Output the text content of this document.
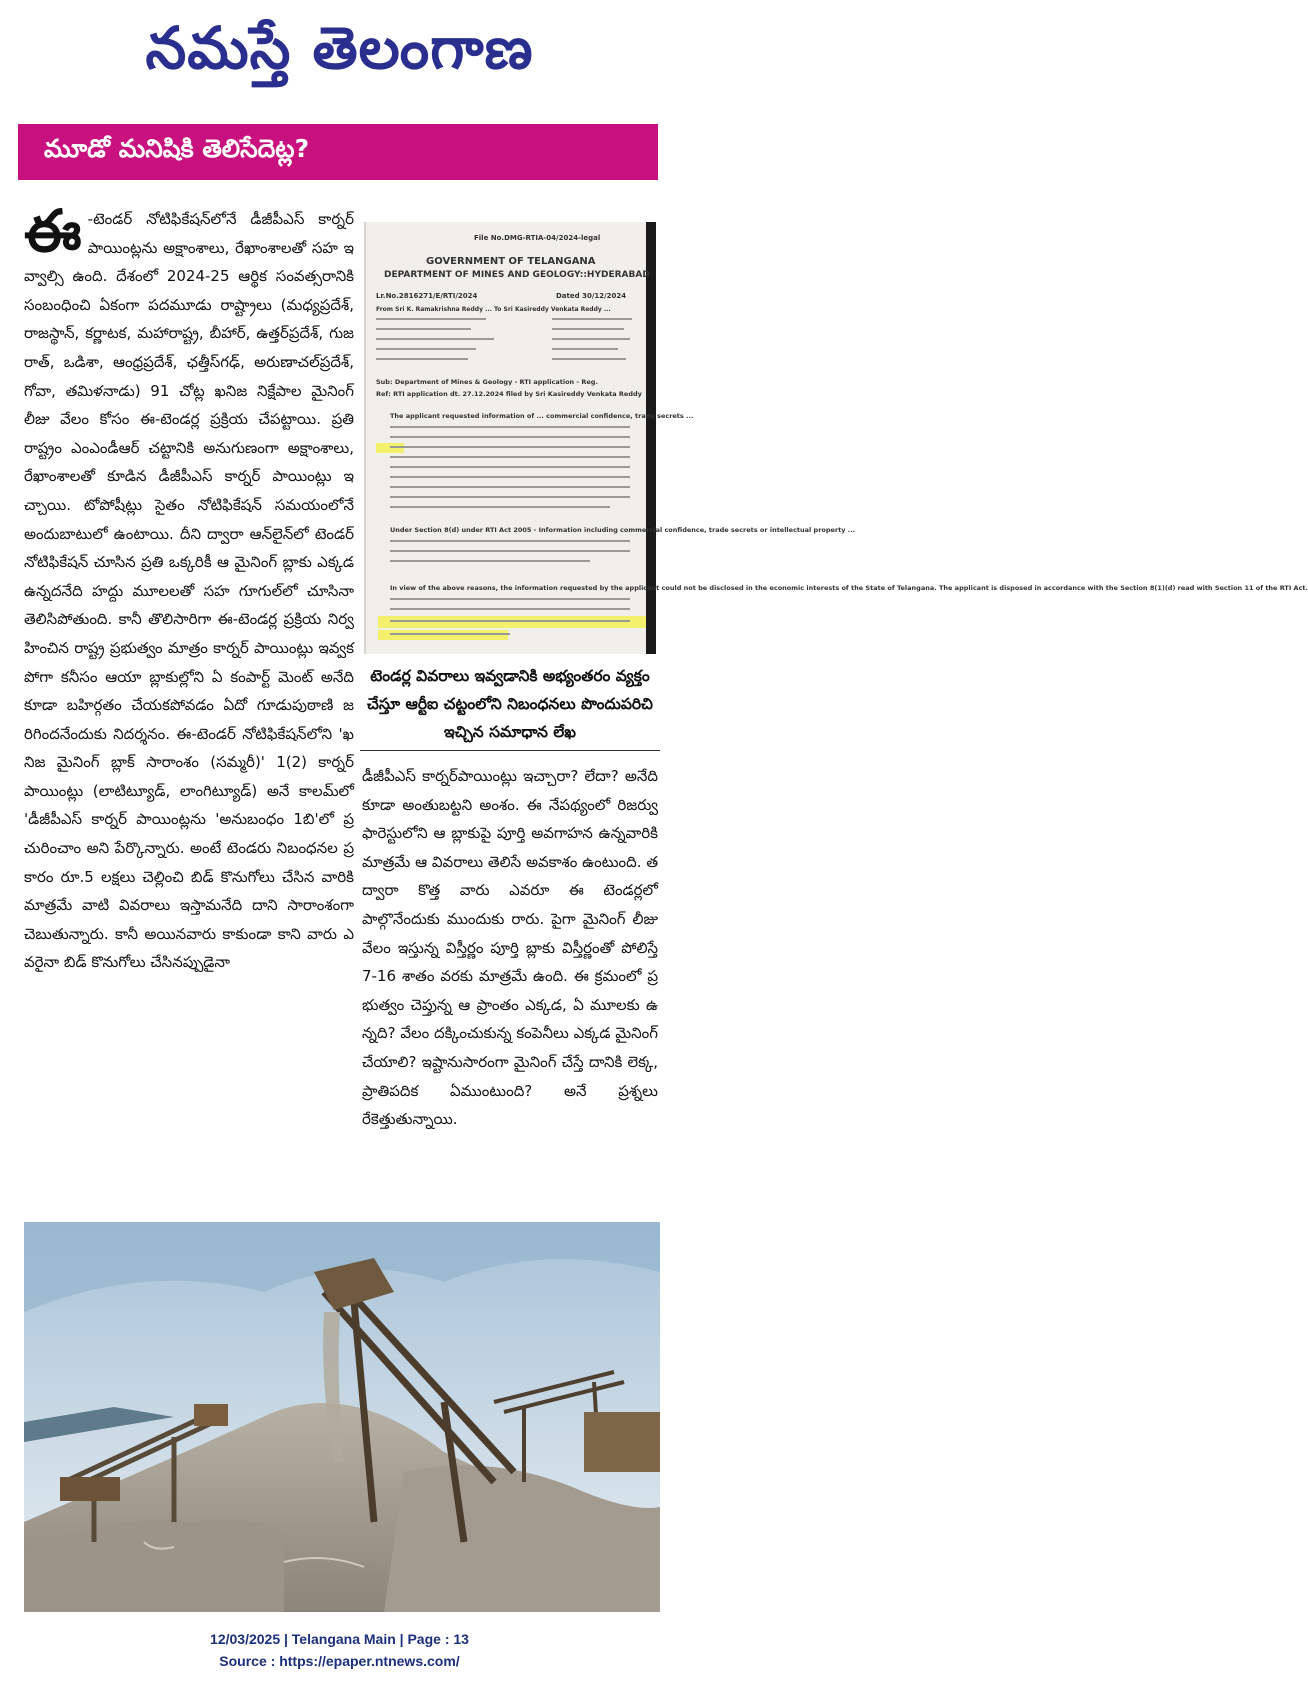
నమస్తే తెలంగాణ
మూడో మనిషికి తెలిసేదెట్ల?

ఈ -టెండర్ నోటిఫికేషన్‌లోనే డీజీపీఎస్ కార్నర్ పాయింట్లను అక్షాంశాలు, రేఖాంశాలతో సహ ఇవ్వాల్సి ఉంది. దేశంలో 2024-25 ఆర్థిక సంవత్సరానికి సంబంధించి ఏకంగా పదమూడు రాష్ట్రాలు (మధ్యప్రదేశ్, రాజస్థాన్, కర్ణాటక, మహారాష్ట్ర, బీహార్, ఉత్తర్‌ప్రదేశ్, గుజరాత్, ఒడిశా, ఆంధ్రప్రదేశ్, ఛత్తీస్‌గఢ్, అరుణాచల్‌ప్రదేశ్, గోవా, తమిళనాడు) 91 చోట్ల ఖనిజ నిక్షేపాల మైనింగ్ లీజు వేలం కోసం ఈ-టెండర్ల ప్రక్రియ చేపట్టాయి. ప్రతి రాష్ట్రం ఎంఎండీఆర్ చట్టానికి అనుగుణంగా అక్షాంశాలు, రేఖాంశాలతో కూడిన డీజీపీఎస్ కార్నర్ పాయింట్లు ఇచ్చాయి. టోపోషీట్లు సైతం నోటిఫికేషన్ సమయంలోనే అందుబాటులో ఉంటాయి. దీని ద్వారా ఆన్‌లైన్‌లో టెండర్ నోటిఫికేషన్ చూసిన ప్రతి ఒక్కరికీ ఆ మైనింగ్ బ్లాకు ఎక్కడ ఉన్నదనేది హద్దు మూలలతో సహ గూగుల్‌లో చూసినా తెలిసిపోతుంది. కానీ తొలిసారిగా ఈ-టెండర్ల ప్రక్రియ నిర్వహించిన రాష్ట్ర ప్రభుత్వం మాత్రం కార్నర్ పాయింట్లు ఇవ్వక పోగా కనీసం ఆయా బ్లాకుల్లోని ఏ కంపార్ట్ మెంట్ అనేది కూడా బహిర్గతం చేయకపోవడం ఏదో గూడుపుఠాణి జరిగిందనేందుకు నిదర్శనం. ఈ-టెండర్ నోటిఫికేషన్‌లోని 'ఖనిజ మైనింగ్ బ్లాక్ సారాంశం (సమ్మరీ)' 1(2) కార్నర్ పాయింట్లు (లాటిట్యూడ్, లాంగిట్యూడ్) అనే కాలమ్‌లో 'డీజీపీఎస్ కార్నర్ పాయింట్లను 'అనుబంధం 1బి'లో ప్రచురించాం అని పేర్కొన్నారు. అంటే టెండరు నిబంధనల ప్రకారం రూ.5 లక్షలు చెల్లించి బిడ్ కొనుగోలు చేసిన వారికి మాత్రమే వాటి వివరాలు ఇస్తామనేది దాని సారాంశంగా చెబుతున్నారు. కానీ అయినవారు కాకుండా కాని వారు ఎవరైనా బిడ్ కొనుగోలు చేసినప్పుడైనా

File No.DMG-RTIA-04/2024-legal
GOVERNMENT OF TELANGANA
DEPARTMENT OF MINES AND GEOLOGY::HYDERABAD
Lr.No.2816271/E/RTI/2024	Dated 30/12/2024
From Sri K. Ramakrishna Reddy ... To Sri Kasireddy Venkata Reddy ...
Sub: Department of Mines & Geology - RTI application - Reg.
Ref: RTI application dt. 27.12.2024 filed by Sri Kasireddy Venkata Reddy
The applicant requested information of ... commercial confidence, trade secrets ...
Under Section 8(d) under RTI Act 2005 - Information including commercial confidence, trade secrets or intellectual property ...
In view of the above reasons, the information requested by the applicant could not be disclosed in the economic interests of the State of Telangana. The applicant is disposed in accordance with the Section 8(1)(d) read with Section 11 of the RTI Act.
టెండర్ల వివరాలు ఇవ్వడానికి అభ్యంతరం వ్యక్తం చేస్తూ ఆర్టీఐ చట్టంలోని నిబంధనలు పొందుపరిచి ఇచ్చిన సమాధాన లేఖ

డీజీపీఎస్ కార్నర్‌పాయింట్లు ఇచ్చారా? లేదా? అనేది కూడా అంతుబట్టని అంశం. ఈ నేపథ్యంలో రిజర్వు ఫారెస్టులోని ఆ బ్లాకుపై పూర్తి అవగాహన ఉన్నవారికి మాత్రమే ఆ వివరాలు తెలిసే అవకాశం ఉంటుంది. తద్వారా కొత్త వారు ఎవరూ ఈ టెండర్లలో పాల్గొనేందుకు ముందుకు రారు. పైగా మైనింగ్ లీజు వేలం ఇస్తున్న విస్తీర్ణం పూర్తి బ్లాకు విస్తీర్ణంతో పోలిస్తే 7-16 శాతం వరకు మాత్రమే ఉంది. ఈ క్రమంలో ప్రభుత్వం చెప్తున్న ఆ ప్రాంతం ఎక్కడ, ఏ మూలకు ఉన్నది? వేలం దక్కించుకున్న కంపెనీలు ఎక్కడ మైనింగ్ చేయాలి? ఇష్టానుసారంగా మైనింగ్ చేస్తే దానికి లెక్క, ప్రాతిపదిక ఏముంటుంది? అనే ప్రశ్నలు రేకెత్తుతున్నాయి.

12/03/2025 | Telangana Main | Page : 13
Source : https://epaper.ntnews.com/
